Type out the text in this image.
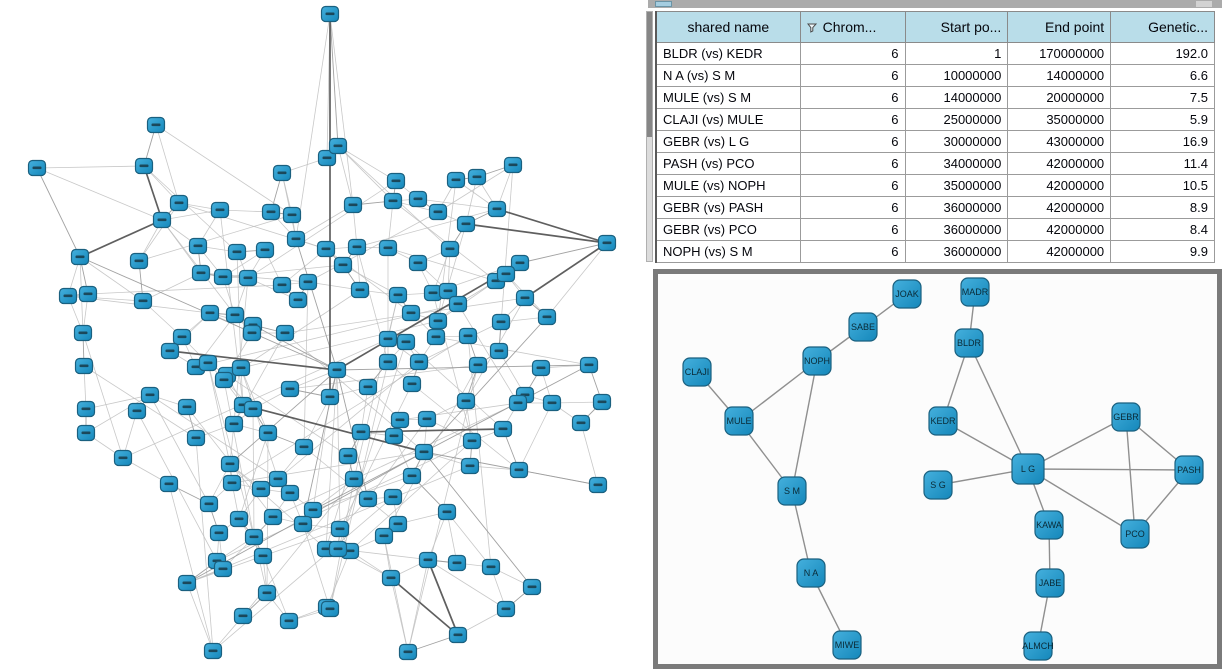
shared name	Chrom...	Start po...	End point	Genetic...
BLDR (vs) KEDR	6	1	170000000	192.0
N A (vs) S M	6	10000000	14000000	6.6
MULE (vs) S M	6	14000000	20000000	7.5
CLAJI (vs) MULE	6	25000000	35000000	5.9
GEBR (vs) L G	6	30000000	43000000	16.9
PASH (vs) PCO	6	34000000	42000000	11.4
MULE (vs) NOPH	6	35000000	42000000	10.5
GEBR (vs) PASH	6	36000000	42000000	8.9
GEBR (vs) PCO	6	36000000	42000000	8.4
NOPH (vs) S M	6	36000000	42000000	9.9
JOAK	MADR
SABE
NOPH
BLDR
CLAJI
MULE	KEDR	GEBR
L G
S G
PASH
S M
KAWA
PCO
N A
JABE
MIWE	ALMCH
